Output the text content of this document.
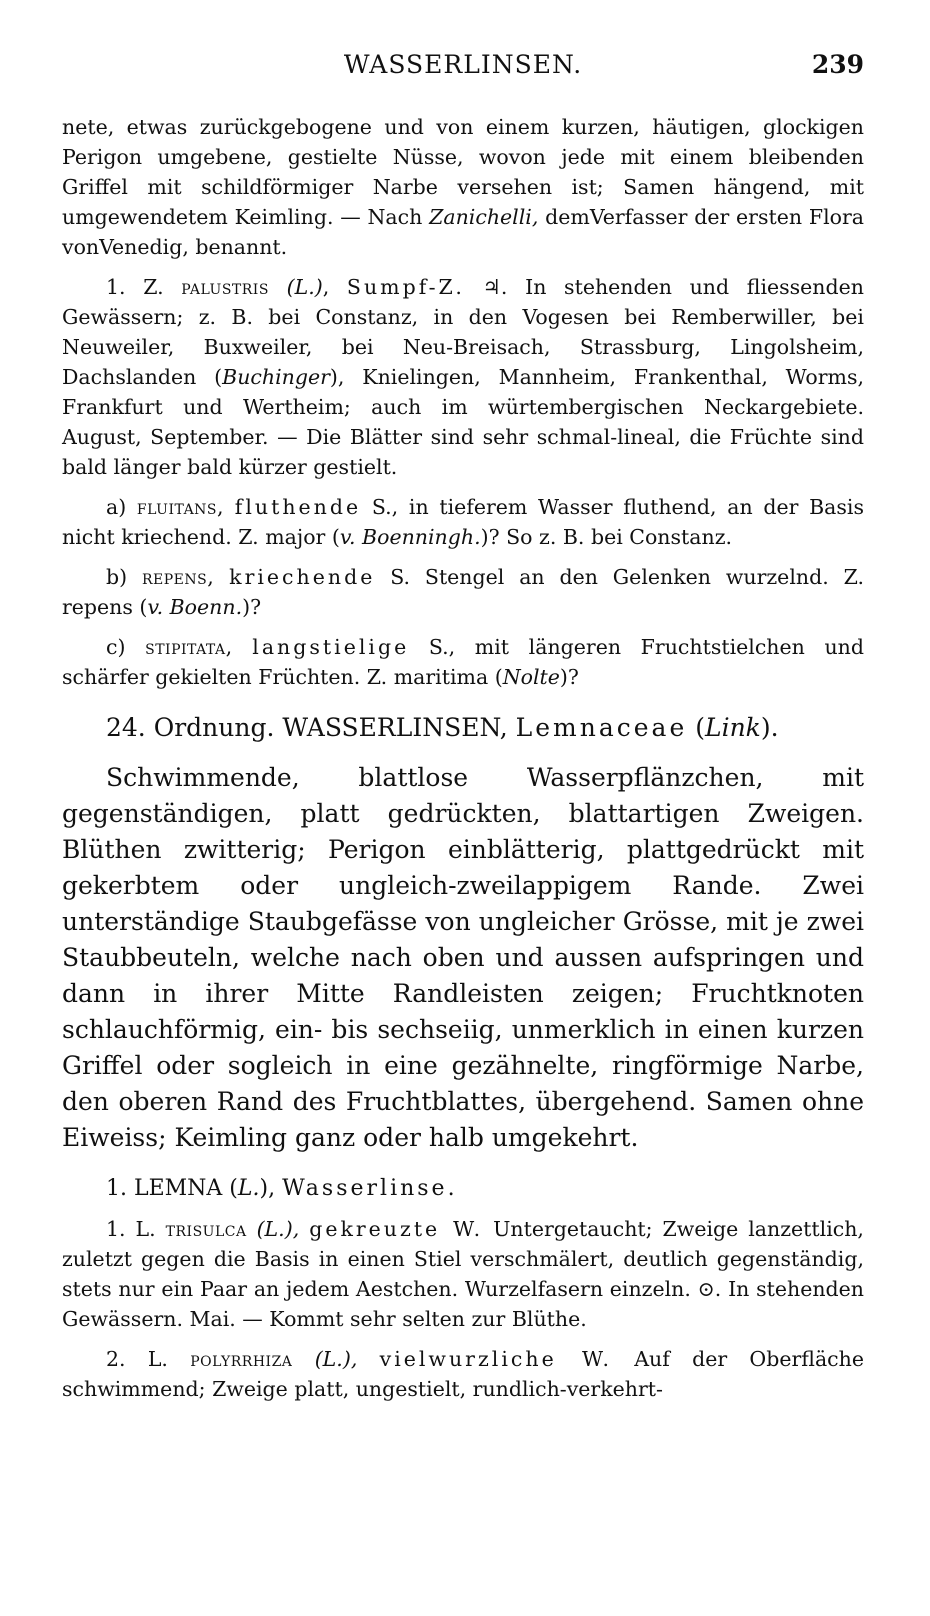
WASSERLINSEN.	239

nete, etwas zurückgebogene und von einem kurzen, häutigen, glockigen Perigon umgebene, gestielte Nüsse, wovon jede mit einem bleibenden Griffel mit schildförmiger Narbe versehen ist; Samen hängend, mit umgewendetem Keimling. — Nach Zanichelli, demVerfasser der ersten Flora vonVenedig, benannt.

1. Z. palustris (L.), Sumpf-Z. ♃. In stehenden und fliessenden Gewässern; z. B. bei Constanz, in den Vogesen bei Remberwiller, bei Neuweiler, Buxweiler, bei Neu-Breisach, Strassburg, Lingolsheim, Dachslanden (Buchinger), Knielingen, Mannheim, Frankenthal, Worms, Frankfurt und Wertheim; auch im würtembergischen Neckargebiete. August, September. — Die Blätter sind sehr schmal-lineal, die Früchte sind bald länger bald kürzer gestielt.

a) fluitans, fluthende S., in tieferem Wasser fluthend, an der Basis nicht kriechend. Z. major (v. Boenningh.)? So z. B. bei Constanz.

b) repens, kriechende S. Stengel an den Gelenken wurzelnd. Z. repens (v. Boenn.)?

c) stipitata, langstielige S., mit längeren Fruchtstielchen und schärfer gekielten Früchten. Z. maritima (Nolte)?

24. Ordnung. WASSERLINSEN, Lemnaceae (Link).

Schwimmende, blattlose Wasserpflänzchen, mit gegenständigen, platt gedrückten, blattartigen Zweigen. Blüthen zwitterig; Perigon einblätterig, plattgedrückt mit gekerbtem oder ungleich-zweilappigem Rande. Zwei unterständige Staubgefässe von ungleicher Grösse, mit je zwei Staubbeuteln, welche nach oben und aussen aufspringen und dann in ihrer Mitte Randleisten zeigen; Fruchtknoten schlauchförmig, ein- bis sechseiig, unmerklich in einen kurzen Griffel oder sogleich in eine gezähnelte, ringförmige Narbe, den oberen Rand des Fruchtblattes, übergehend. Samen ohne Eiweiss; Keimling ganz oder halb umgekehrt.

1. LEMNA (L.), Wasserlinse.

1. L. trisulca (L.), gekreuzte W. Untergetaucht; Zweige lanzettlich, zuletzt gegen die Basis in einen Stiel verschmälert, deutlich gegenständig, stets nur ein Paar an jedem Aestchen. Wurzelfasern einzeln. ⊙. In stehenden Gewässern. Mai. — Kommt sehr selten zur Blüthe.

2. L. polyrrhiza (L.), vielwurzliche W. Auf der Oberfläche schwimmend; Zweige platt, ungestielt, rundlich-verkehrt-
